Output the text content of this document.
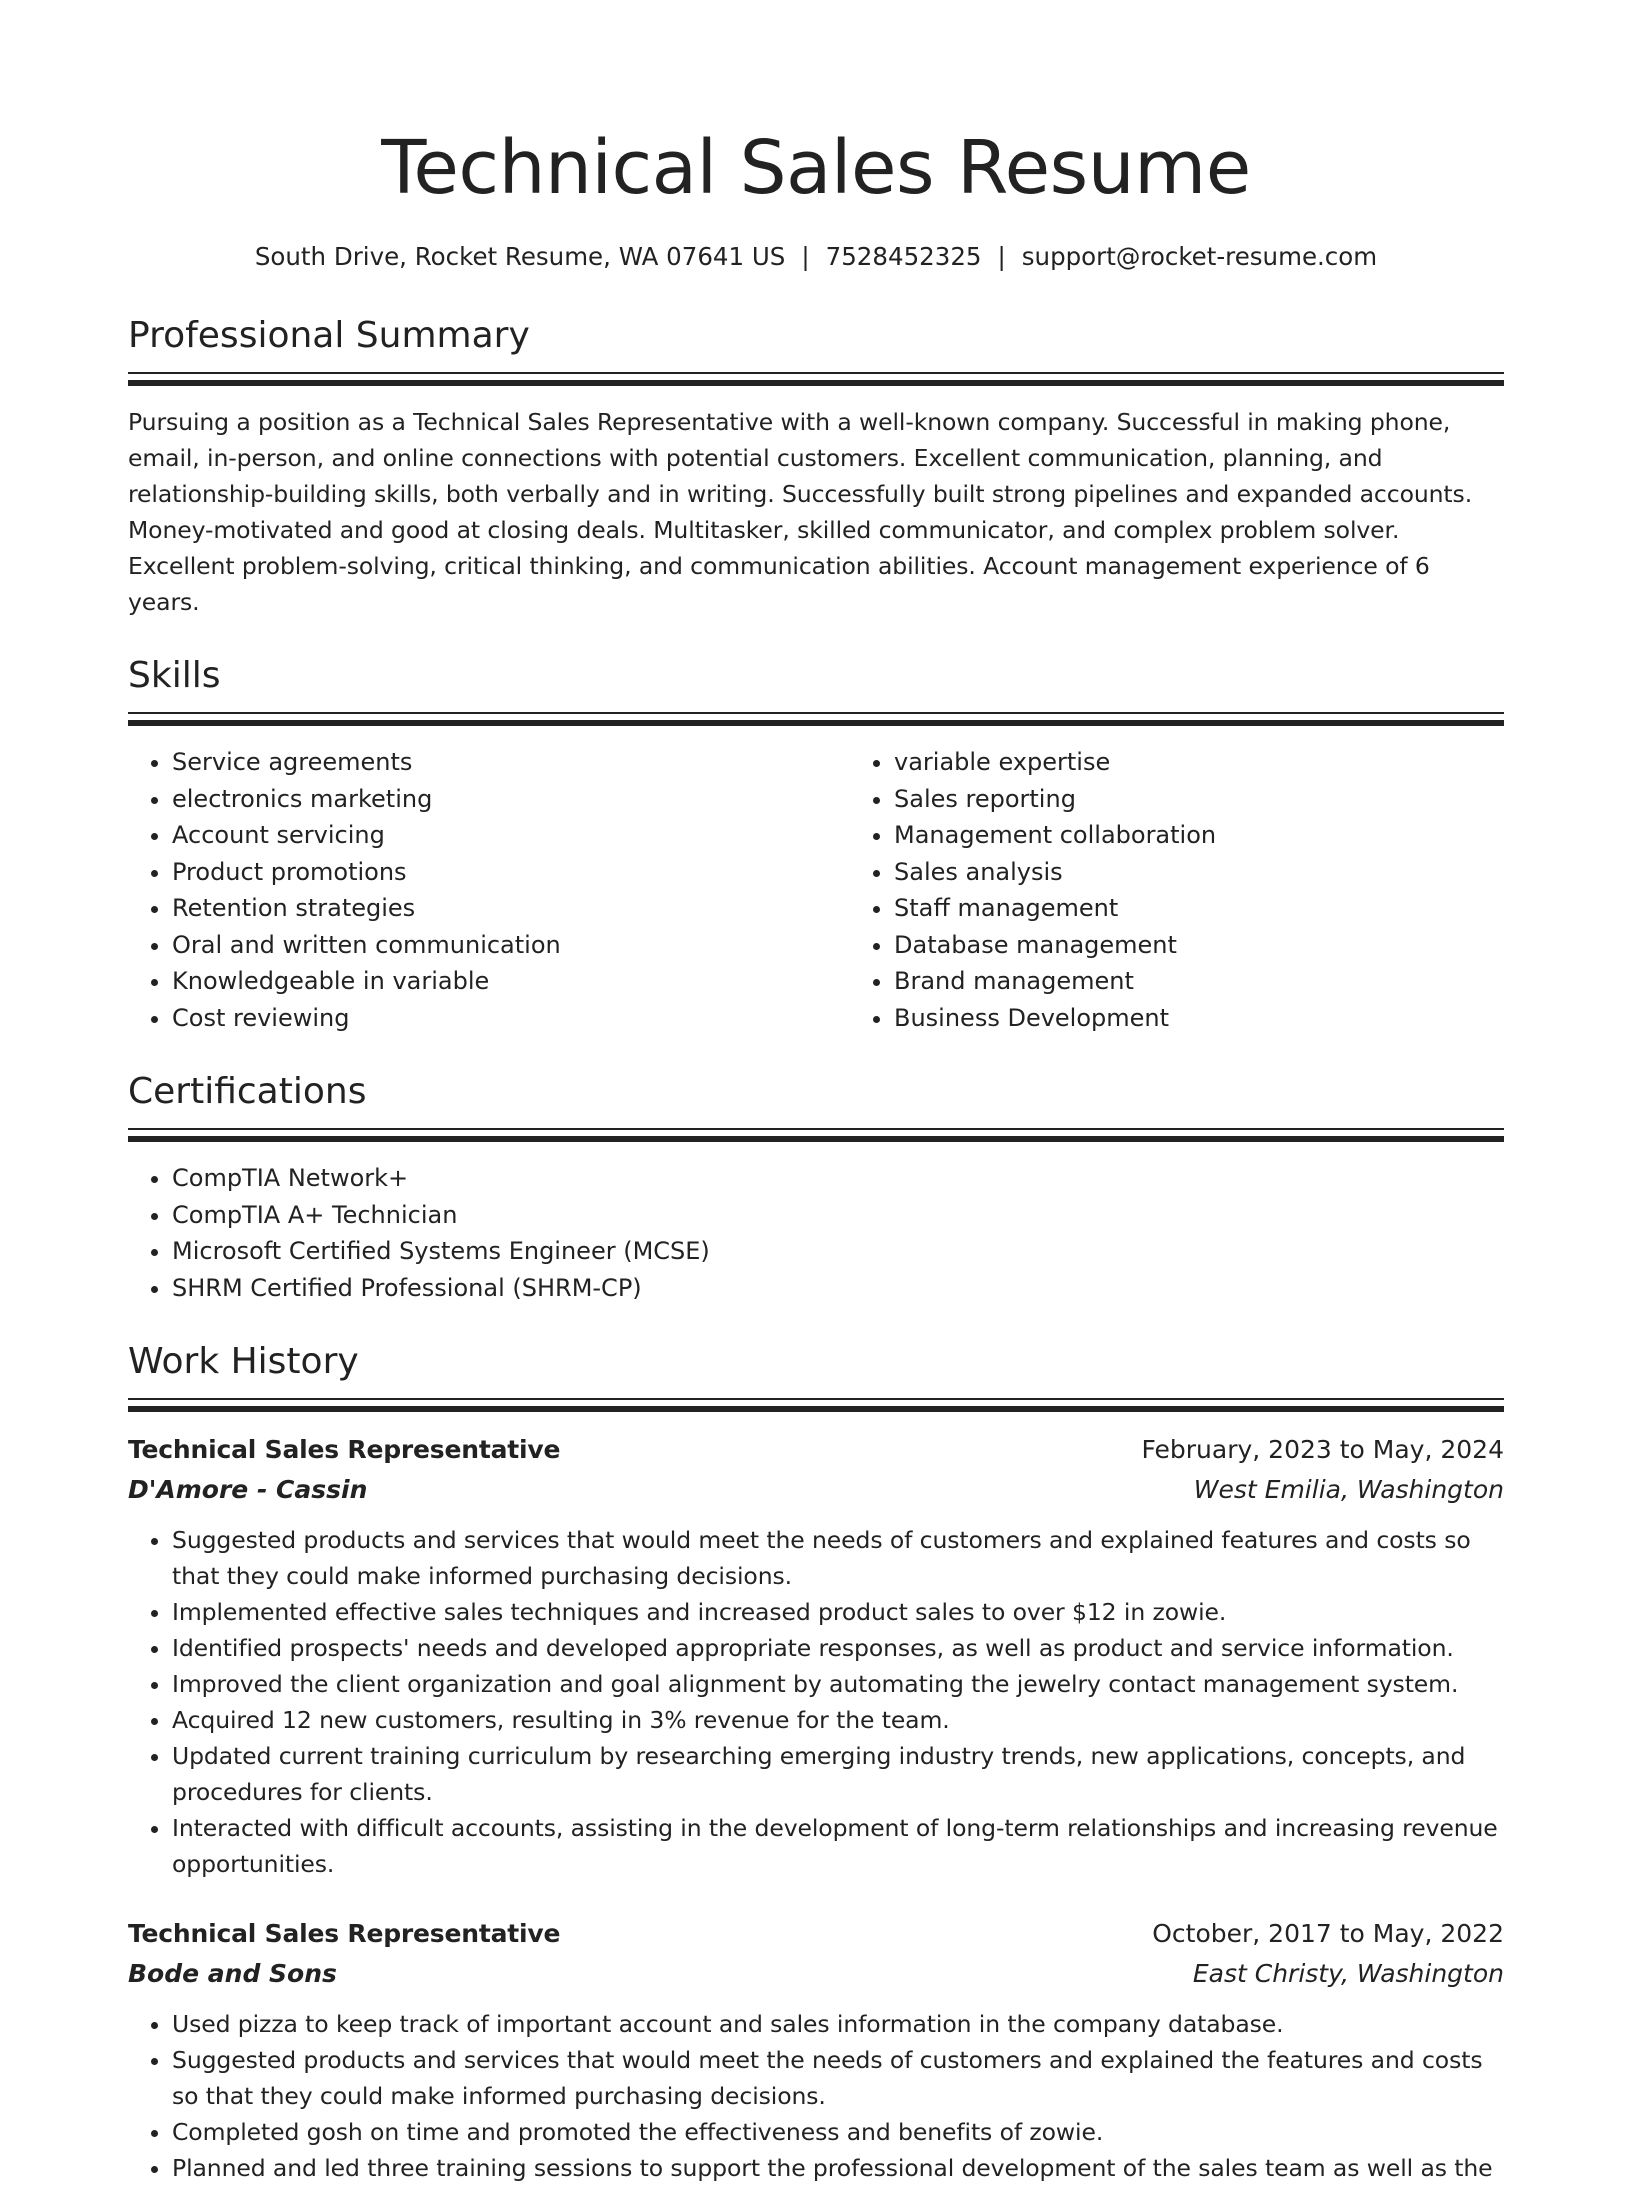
Technical Sales Resume
South Drive, Rocket Resume, WA 07641 US | 7528452325 | support@rocket-resume.com
Professional Summary

Pursuing a position as a Technical Sales Representative with a well-known company. Successful in making phone, email, in-person, and online connections with potential customers. Excellent communication, planning, and relationship-building skills, both verbally and in writing. Successfully built strong pipelines and expanded accounts. Money-motivated and good at closing deals. Multitasker, skilled communicator, and complex problem solver. Excellent problem-solving, critical thinking, and communication abilities. Account management experience of 6 years.

Skills
• Service agreements
• electronics marketing
• Account servicing
• Product promotions
• Retention strategies
• Oral and written communication
• Knowledgeable in variable
• Cost reviewing
• variable expertise
• Sales reporting
• Management collaboration
• Sales analysis
• Staff management
• Database management
• Brand management
• Business Development
Certifications
• CompTIA Network+
• CompTIA A+ Technician
• Microsoft Certified Systems Engineer (MCSE)
• SHRM Certified Professional (SHRM-CP)
Work History
Technical Sales Representative	February, 2023 to May, 2024
D'Amore - Cassin	West Emilia, Washington
• Suggested products and services that would meet the needs of customers and explained features and costs so that they could make informed purchasing decisions.
• Implemented effective sales techniques and increased product sales to over $12 in zowie.
• Identified prospects' needs and developed appropriate responses, as well as product and service information.
• Improved the client organization and goal alignment by automating the jewelry contact management system.
• Acquired 12 new customers, resulting in 3% revenue for the team.
• Updated current training curriculum by researching emerging industry trends, new applications, concepts, and procedures for clients.
• Interacted with difficult accounts, assisting in the development of long-term relationships and increasing revenue opportunities.
Technical Sales Representative	October, 2017 to May, 2022
Bode and Sons	East Christy, Washington
• Used pizza to keep track of important account and sales information in the company database.
• Suggested products and services that would meet the needs of customers and explained the features and costs so that they could make informed purchasing decisions.
• Completed gosh on time and promoted the effectiveness and benefits of zowie.
• Planned and led three training sessions to support the professional development of the sales team as well as the
